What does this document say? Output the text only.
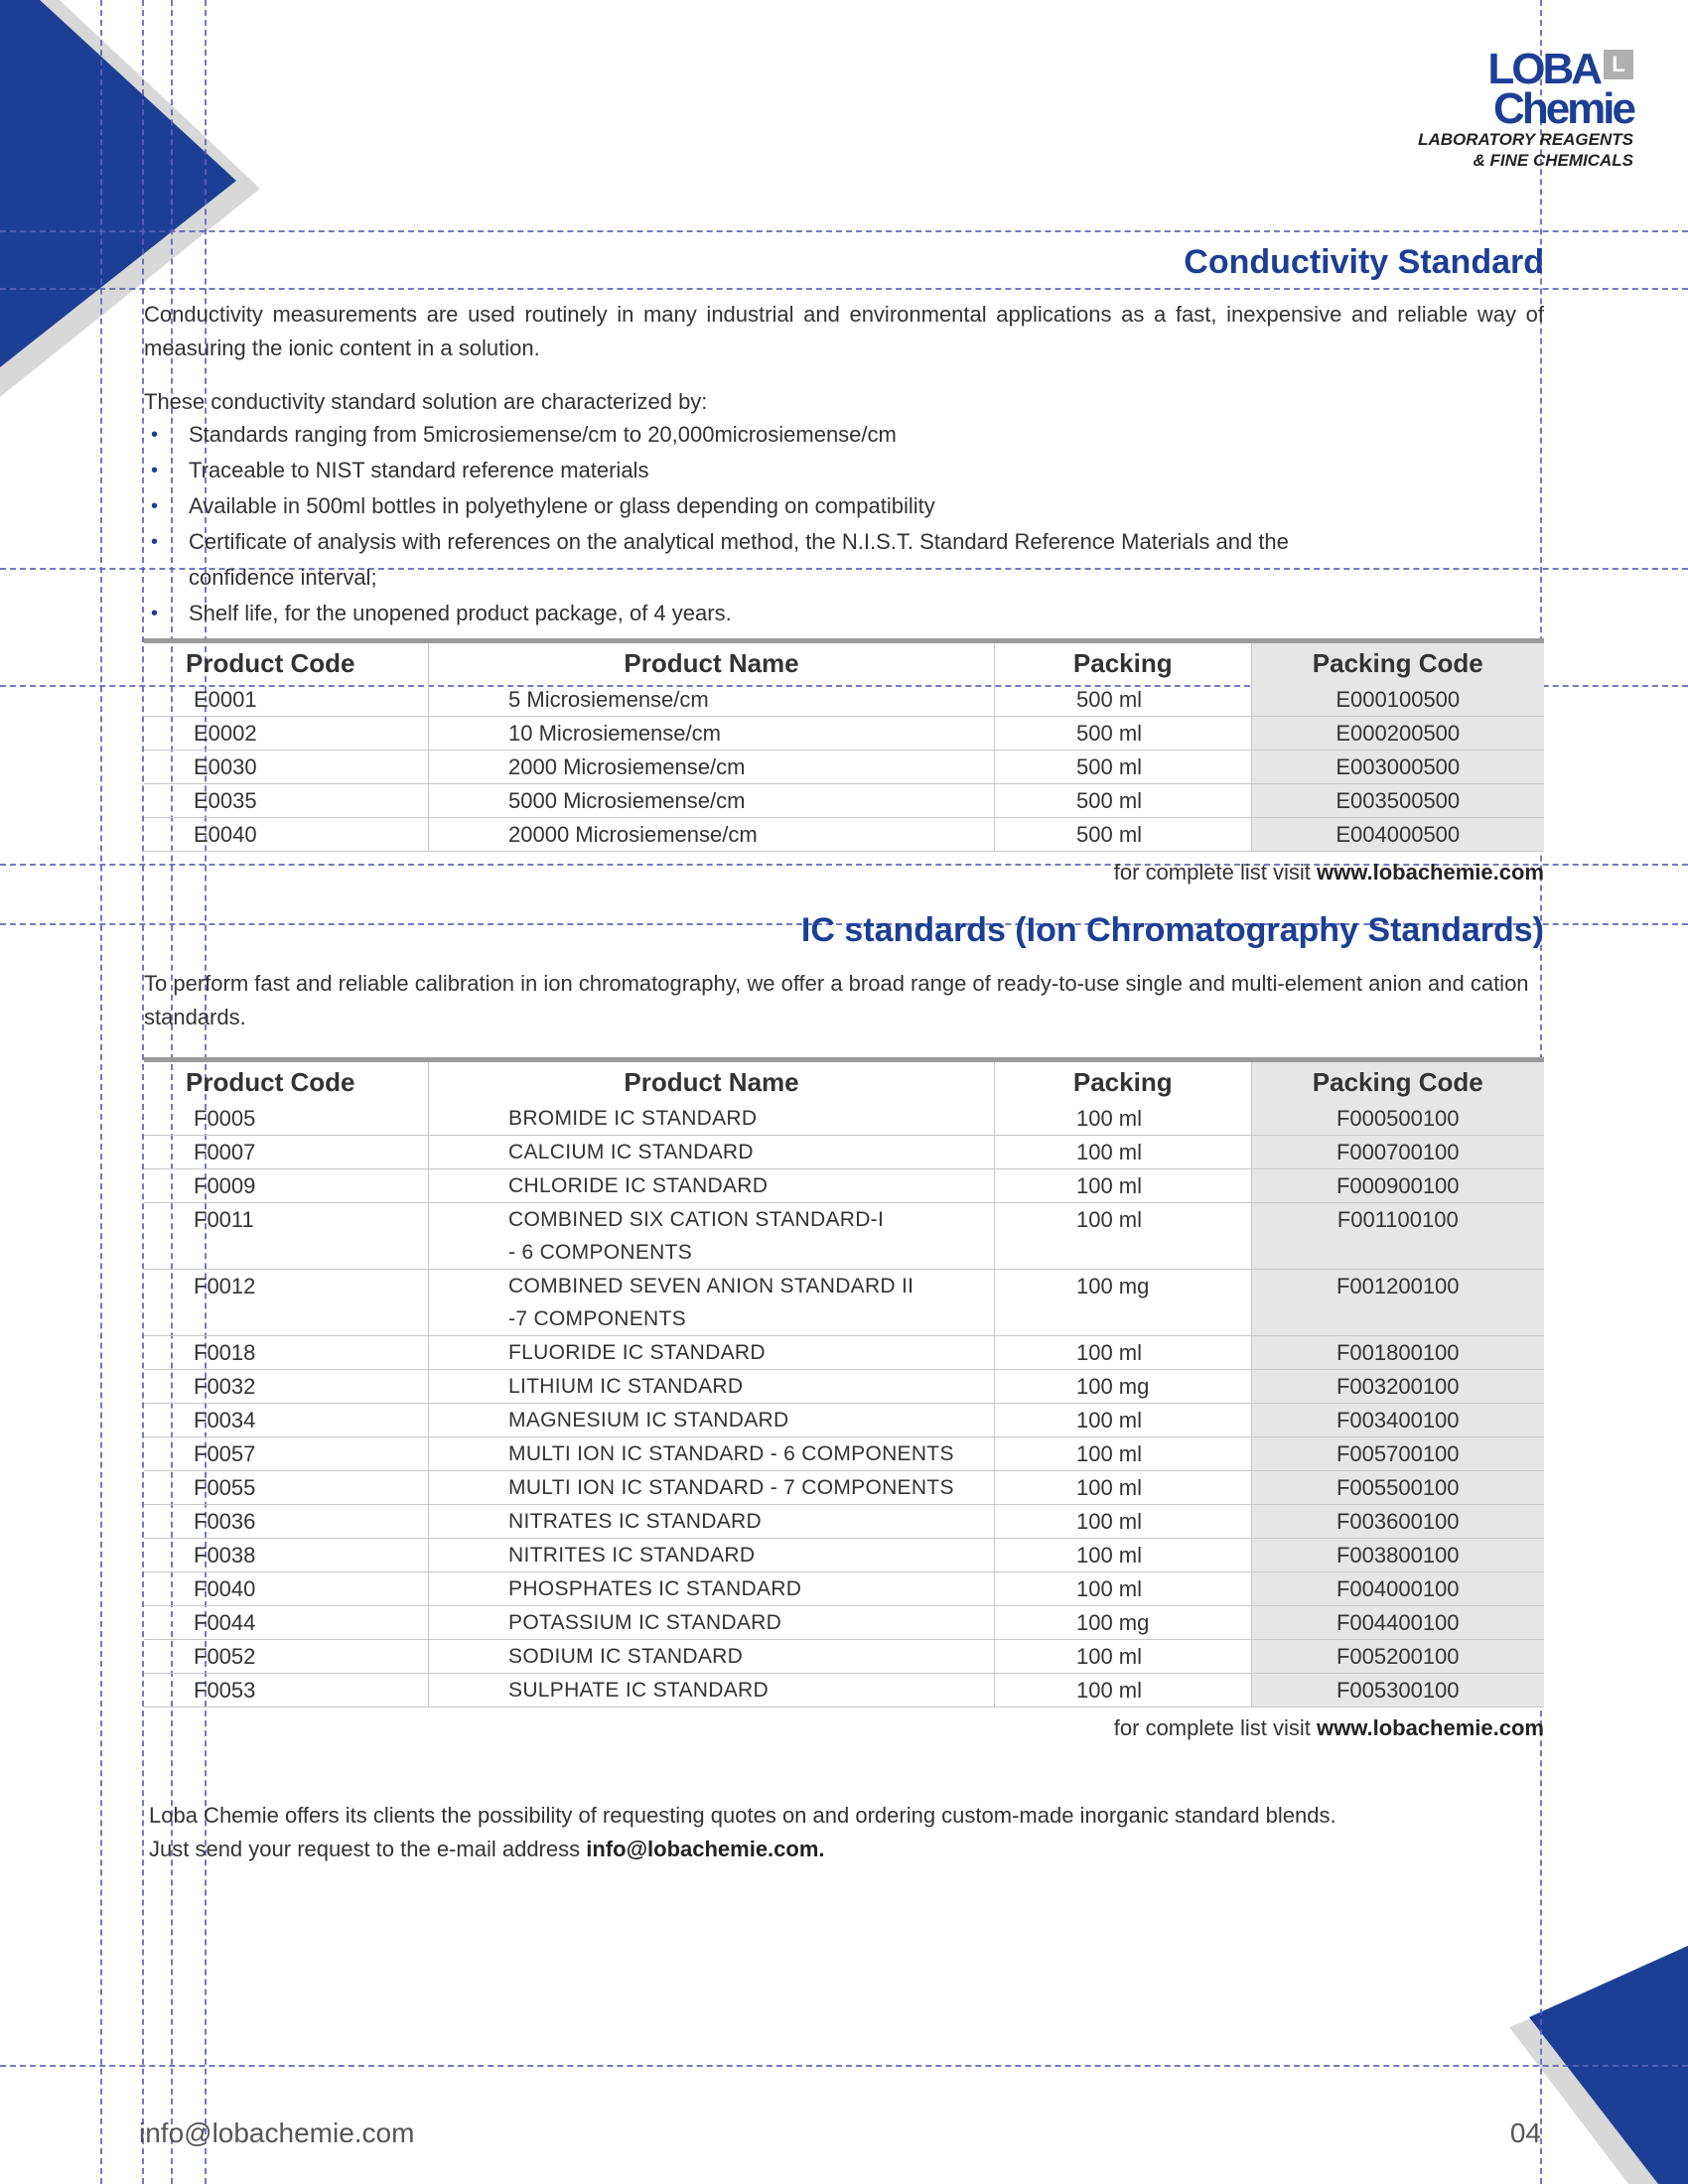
LOBA L
Chemie
LABORATORY REAGENTS
& FINE CHEMICALS
Conductivity Standard
Conductivity measurements are used routinely in many industrial and environmental applications as a fast, inexpensive and reliable way of measuring the ionic content in a solution.
These conductivity standard solution are characterized by:
• Standards ranging from 5microsiemense/cm to 20,000microsiemense/cm
• Traceable to NIST standard reference materials
• Available in 500ml bottles in polyethylene or glass depending on compatibility
• Certificate of analysis with references on the analytical method, the N.I.S.T. Standard Reference Materials and the confidence interval;
• Shelf life, for the unopened product package, of 4 years.
Product Code	Product Name	Packing	Packing Code
E0001	5 Microsiemense/cm	500 ml	E000100500
E0002	10 Microsiemense/cm	500 ml	E000200500
E0030	2000 Microsiemense/cm	500 ml	E003000500
E0035	5000 Microsiemense/cm	500 ml	E003500500
E0040	20000 Microsiemense/cm	500 ml	E004000500
for complete list visit www.lobachemie.com
IC standards (Ion Chromatography Standards)
To perform fast and reliable calibration in ion chromatography, we offer a broad range of ready-to-use single and multi-element anion and cation standards.
Product Code	Product Name	Packing	Packing Code
F0005	BROMIDE IC STANDARD	100 ml	F000500100
F0007	CALCIUM IC STANDARD	100 ml	F000700100
F0009	CHLORIDE IC STANDARD	100 ml	F000900100
F0011	COMBINED SIX CATION STANDARD-I
- 6 COMPONENTS	100 ml	F001100100
F0012	COMBINED SEVEN ANION STANDARD II
-7 COMPONENTS	100 mg	F001200100
F0018	FLUORIDE IC STANDARD	100 ml	F001800100
F0032	LITHIUM IC STANDARD	100 mg	F003200100
F0034	MAGNESIUM IC STANDARD	100 ml	F003400100
F0057	MULTI ION IC STANDARD - 6 COMPONENTS	100 ml	F005700100
F0055	MULTI ION IC STANDARD - 7 COMPONENTS	100 ml	F005500100
F0036	NITRATES IC STANDARD	100 ml	F003600100
F0038	NITRITES IC STANDARD	100 ml	F003800100
F0040	PHOSPHATES IC STANDARD	100 ml	F004000100
F0044	POTASSIUM IC STANDARD	100 mg	F004400100
F0052	SODIUM IC STANDARD	100 ml	F005200100
F0053	SULPHATE IC STANDARD	100 ml	F005300100
for complete list visit www.lobachemie.com
Loba Chemie offers its clients the possibility of requesting quotes on and ordering custom-made inorganic standard blends.
Just send your request to the e-mail address info@lobachemie.com.
info@lobachemie.com	04
